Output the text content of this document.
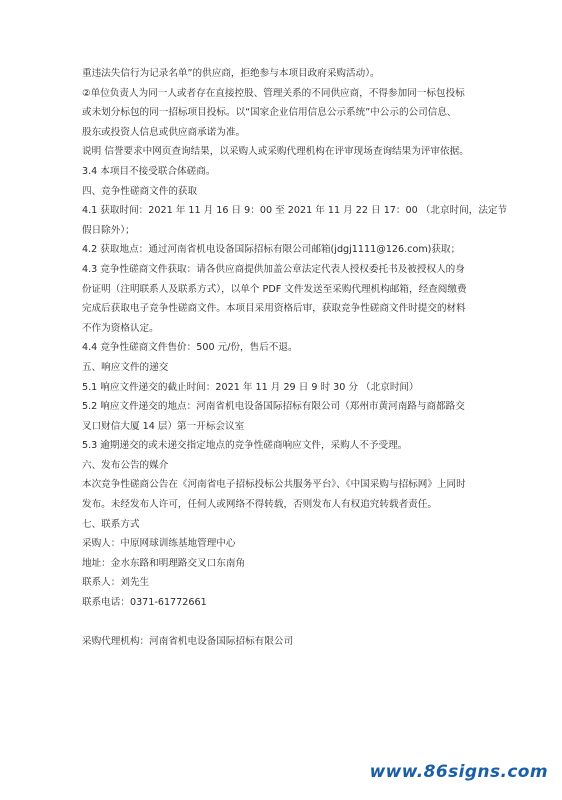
重违法失信行为记录名单”的供应商，拒绝参与本项目政府采购活动）。
②单位负责人为同一人或者存在直接控股、管理关系的不同供应商，不得参加同一标包投标
或未划分标包的同一招标项目投标。以“国家企业信用信息公示系统”中公示的公司信息、
股东或投资人信息或供应商承诺为准。
说明 信誉要求中网页查询结果，以采购人或采购代理机构在评审现场查询结果为评审依据。
3.4 本项目不接受联合体磋商。
四、竞争性磋商文件的获取
4.1 获取时间：2021 年 11 月 16 日 9：00 至 2021 年 11 月 22 日 17：00 （北京时间，法定节
假日除外）；
4.2 获取地点：通过河南省机电设备国际招标有限公司邮箱(jdgj1111@126.com)获取；
4.3 竞争性磋商文件获取：请各供应商提供加盖公章法定代表人授权委托书及被授权人的身
份证明（注明联系人及联系方式），以单个 PDF 文件发送至采购代理机构邮箱，经查阅缴费
完成后获取电子竞争性磋商文件。本项目采用资格后审，获取竞争性磋商文件时提交的材料
不作为资格认定。
4.4 竞争性磋商文件售价：500 元/份，售后不退。
五、响应文件的递交
5.1 响应文件递交的截止时间：2021 年 11 月 29 日 9 时 30 分 （北京时间）
5.2 响应文件递交的地点：河南省机电设备国际招标有限公司（郑州市黄河南路与商都路交
叉口财信大厦 14 层）第一开标会议室
5.3 逾期递交的或未递交指定地点的竞争性磋商响应文件，采购人不予受理。
六、发布公告的媒介
本次竞争性磋商公告在《河南省电子招标投标公共服务平台》、《中国采购与招标网》上同时
发布。未经发布人许可，任何人或网络不得转载，否则发布人有权追究转载者责任。
七、联系方式
采购人：中原网球训练基地管理中心
地址：金水东路和明理路交叉口东南角
联系人：刘先生
联系电话：0371-61772661
采购代理机构：河南省机电设备国际招标有限公司
www.86signs.com
